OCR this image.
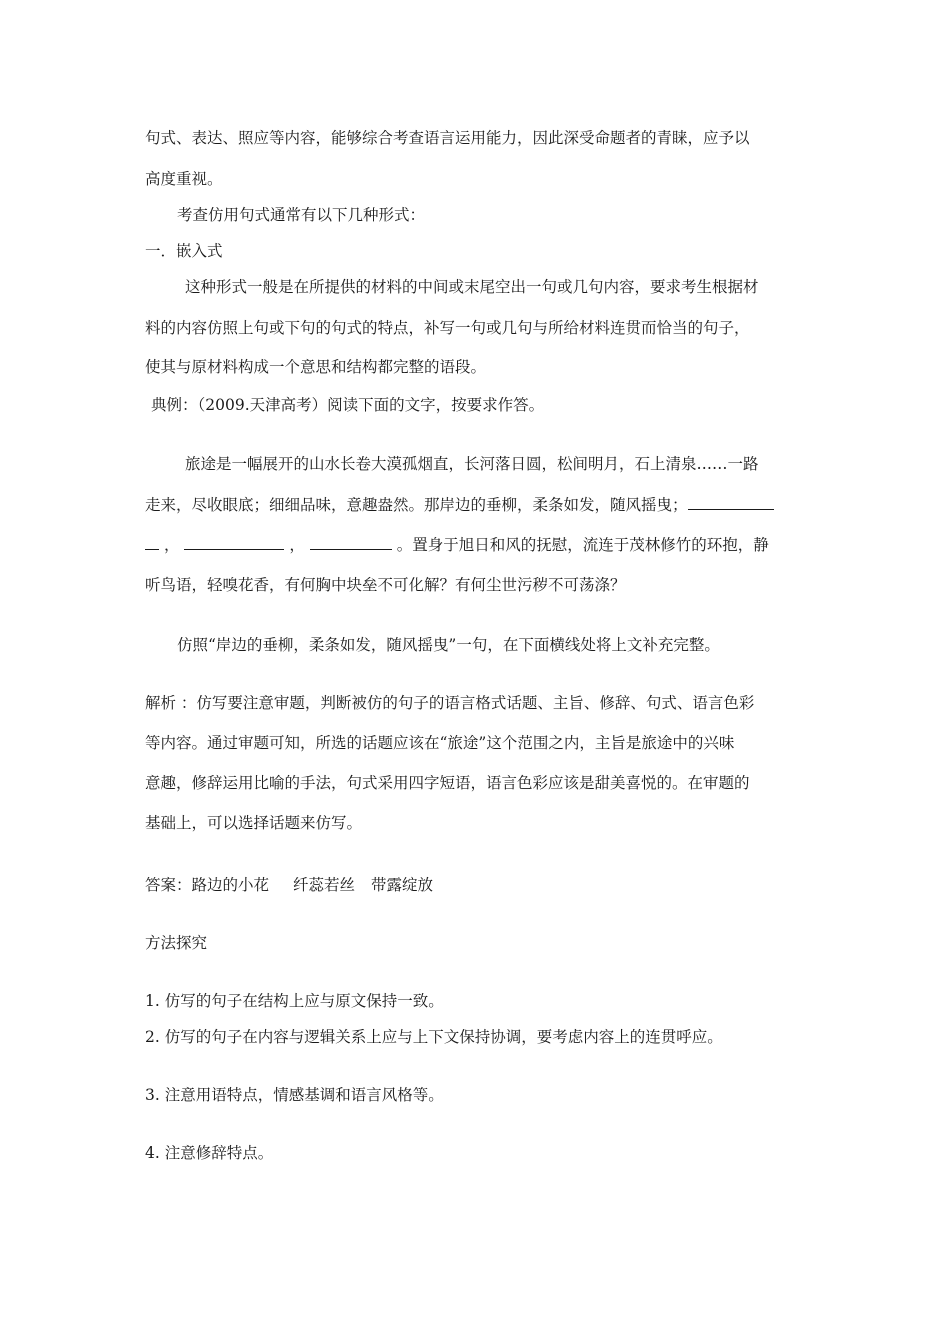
句式、表达、照应等内容，能够综合考查语言运用能力，因此深受命题者的青睐，应予以
高度重视。
考查仿用句式通常有以下几种形式：
一．嵌入式
这种形式一般是在所提供的材料的中间或末尾空出一句或几句内容，要求考生根据材
料的内容仿照上句或下句的句式的特点，补写一句或几句与所给材料连贯而恰当的句子，
使其与原材料构成一个意思和结构都完整的语段。
典例：（2009.天津高考）阅读下面的文字，按要求作答。
旅途是一幅展开的山水长卷大漠孤烟直，长河落日圆，松间明月，石上清泉……一路
走来，尽收眼底；细细品味，意趣盎然。那岸边的垂柳，柔条如发，随风摇曳；
，	，	。置身于旭日和风的抚慰，流连于茂林修竹的环抱，静
听鸟语，轻嗅花香，有何胸中块垒不可化解？有何尘世污秽不可荡涤？
仿照“岸边的垂柳，柔条如发，随风摇曳”一句，在下面横线处将上文补充完整。
解析 ：仿写要注意审题，判断被仿的句子的语言格式话题、主旨、修辞、句式、语言色彩
等内容。通过审题可知，所选的话题应该在“旅途”这个范围之内，主旨是旅途中的兴味
意趣，修辞运用比喻的手法，句式采用四字短语，语言色彩应该是甜美喜悦的。在审题的
基础上，可以选择话题来仿写。
答案：路边的小花 纤蕊若丝 带露绽放
方法探究
1. 仿写的句子在结构上应与原文保持一致。
2. 仿写的句子在内容与逻辑关系上应与上下文保持协调，要考虑内容上的连贯呼应。
3. 注意用语特点，情感基调和语言风格等。
4. 注意修辞特点。
